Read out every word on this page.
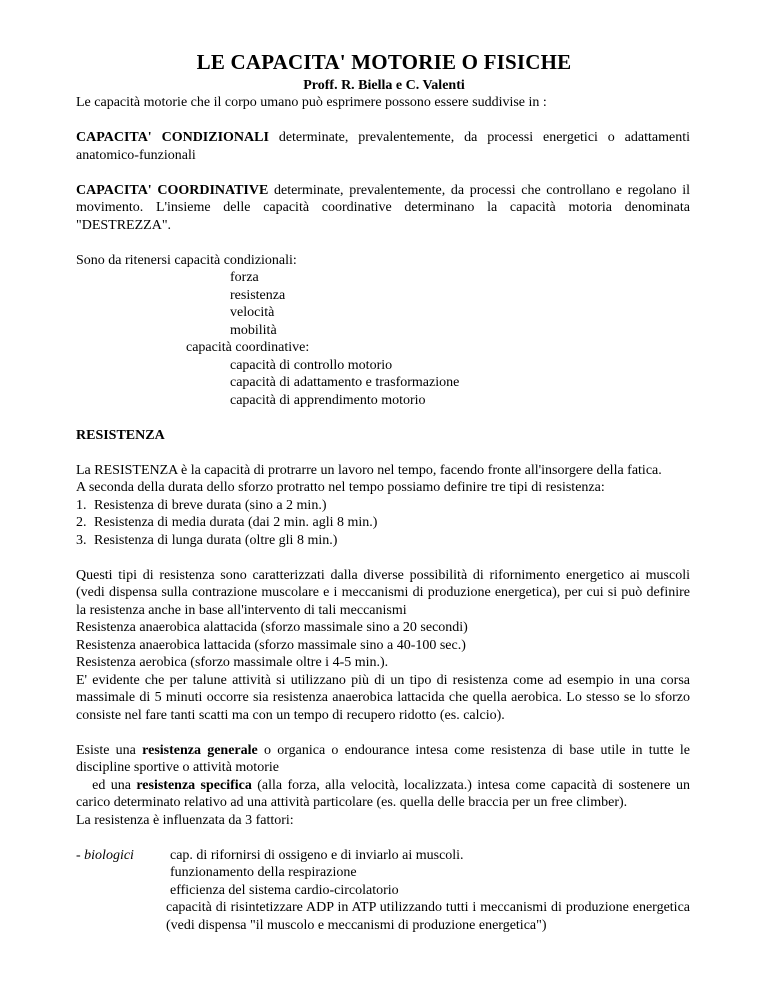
LE CAPACITA' MOTORIE O FISICHE
Proff. R. Biella e C. Valenti

Le capacità motorie che il corpo umano può esprimere possono essere suddivise in :

CAPACITA' CONDIZIONALI determinate, prevalentemente, da processi energetici o adattamenti anatomico-funzionali

CAPACITA' COORDINATIVE determinate, prevalentemente, da processi che controllano e regolano il movimento. L'insieme delle capacità coordinative determinano la capacità motoria denominata "DESTREZZA".

Sono da ritenersi capacità condizionali:

forza
resistenza
velocità
mobilità
capacità coordinative:
capacità di controllo motorio
capacità di adattamento e trasformazione
capacità di apprendimento motorio

RESISTENZA

La RESISTENZA è la capacità di protrarre un lavoro nel tempo, facendo fronte all'insorgere della fatica.

A seconda della durata dello sforzo protratto nel tempo possiamo definire tre tipi di resistenza:

1. Resistenza di breve durata (sino a 2 min.)
2. Resistenza di media durata (dai 2 min. agli 8 min.)
3. Resistenza di lunga durata (oltre gli 8 min.)

Questi tipi di resistenza sono caratterizzati dalla diverse possibilità di rifornimento energetico ai muscoli (vedi dispensa sulla contrazione muscolare e i meccanismi di produzione energetica), per cui si può definire la resistenza anche in base all'intervento di tali meccanismi

Resistenza anaerobica alattacida (sforzo massimale sino a 20 secondi)

Resistenza anaerobica lattacida (sforzo massimale sino a 40-100 sec.)

Resistenza aerobica (sforzo massimale oltre i 4-5 min.).

E' evidente che per talune attività si utilizzano più di un tipo di resistenza come ad esempio in una corsa massimale di 5 minuti occorre sia resistenza anaerobica lattacida che quella aerobica. Lo stesso se lo sforzo consiste nel fare tanti scatti ma con un tempo di recupero ridotto (es. calcio).

Esiste una resistenza generale o organica o endourance intesa come resistenza di base utile in tutte le discipline sportive o attività motorie

ed una resistenza specifica (alla forza, alla velocità, localizzata.) intesa come capacità di sostenere un carico determinato relativo ad una attività particolare (es. quella delle braccia per un free climber).

La resistenza è influenzata da 3 fattori:

- biologici	cap. di rifornirsi di ossigeno e di inviarlo ai muscoli.
funzionamento della respirazione
efficienza del sistema cardio-circolatorio

capacità di risintetizzare ADP in ATP utilizzando tutti i meccanismi di produzione energetica (vedi dispensa "il muscolo e meccanismi di produzione energetica")
